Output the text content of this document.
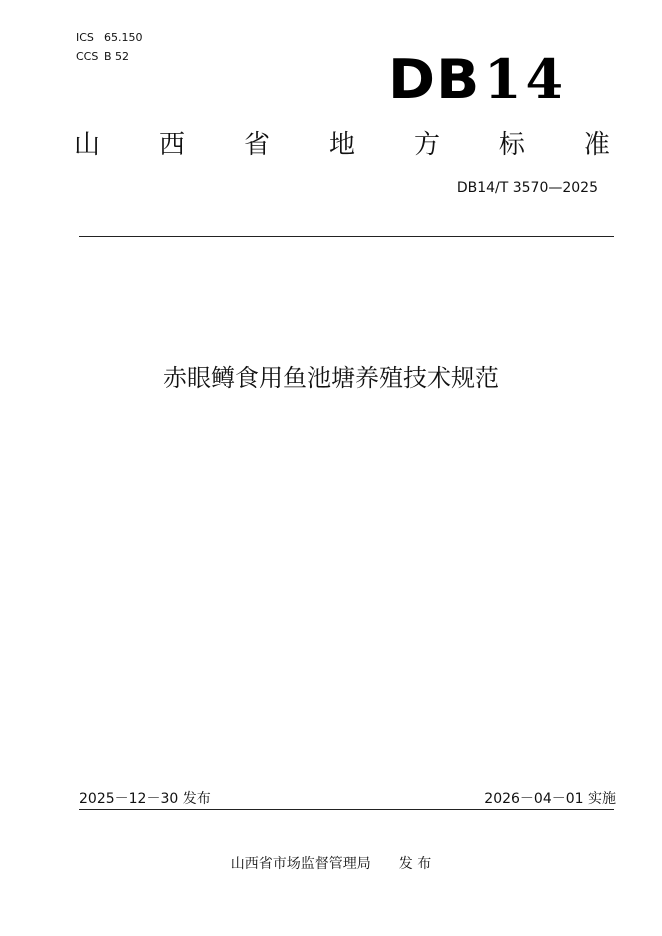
ICS 65.150
CCS B 52	DB14
山 西 省 地 方 标 准
DB14/T 3570—2025
赤眼鳟食用鱼池塘养殖技术规范
2025－12－30 发布	2026－04－01 实施
山西省市场监督管理局 发 布
